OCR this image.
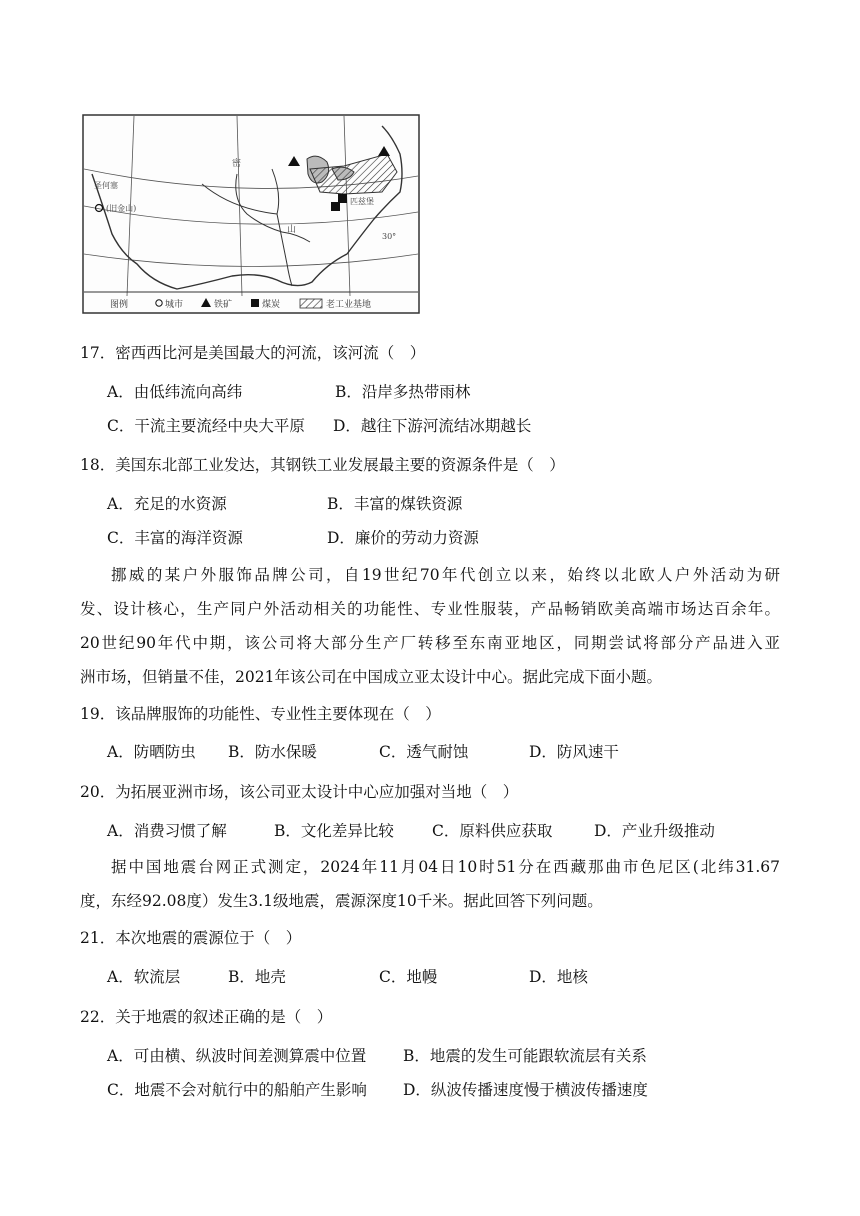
圣何塞
(旧金山)
匹兹堡
30°
密
山
图例	城市	铁矿	煤炭	老工业基地
17．密西西比河是美国最大的河流，该河流（　）
A．由低纬流向高纬	B．沿岸多热带雨林
C．干流主要流经中央大平原 D．越往下游河流结冰期越长
18．美国东北部工业发达，其钢铁工业发展最主要的资源条件是（　）
A．充足的水资源	B．丰富的煤铁资源
C．丰富的海洋资源	D．廉价的劳动力资源
挪威的某户外服饰品牌公司，自19世纪70年代创立以来，始终以北欧人户外活动为研
发、设计核心，生产同户外活动相关的功能性、专业性服装，产品畅销欧美高端市场达百余年。
20世纪90年代中期，该公司将大部分生产厂转移至东南亚地区，同期尝试将部分产品进入亚
洲市场，但销量不佳，2021年该公司在中国成立亚太设计中心。据此完成下面小题。
19．该品牌服饰的功能性、专业性主要体现在（　）
A．防晒防虫 B．防水保暖	C．透气耐蚀	D．防风速干
20．为拓展亚洲市场，该公司亚太设计中心应加强对当地（　）
A．消费习惯了解	B．文化差异比较 C．原料供应获取	D．产业升级推动
据中国地震台网正式测定，2024年11月04日10时51分在西藏那曲市色尼区(北纬31.67
度，东经92.08度）发生3.1级地震，震源深度10千米。据此回答下列问题。
21．本次地震的震源位于（　）
A．软流层	B．地壳	C．地幔	D．地核
22．关于地震的叙述正确的是（　）
A．可由横、纵波时间差测算震中位置 B．地震的发生可能跟软流层有关系
C．地震不会对航行中的船舶产生影响 D．纵波传播速度慢于横波传播速度
